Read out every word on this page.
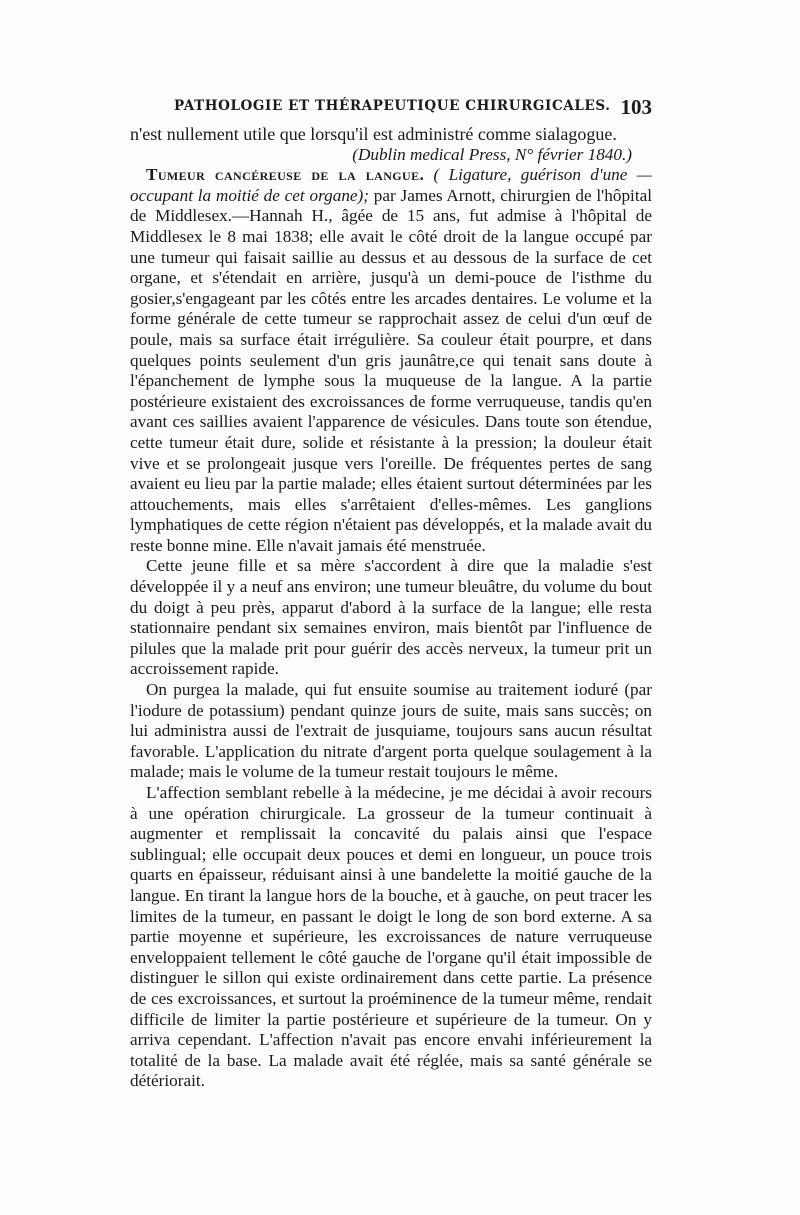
PATHOLOGIE ET THÉRAPEUTIQUE CHIRURGICALES. 103

n'est nullement utile que lorsqu'il est administré comme sialagogue.

(Dublin medical Press, N° février 1840.)

Tumeur cancéreuse de la langue. ( Ligature, guérison d'une —occupant la moitié de cet organe); par James Arnott, chirurgien de l'hôpital de Middlesex.—Hannah H., âgée de 15 ans, fut admise à l'hôpital de Middlesex le 8 mai 1838; elle avait le côté droit de la langue occupé par une tumeur qui faisait saillie au dessus et au dessous de la surface de cet organe, et s'étendait en arrière, jusqu'à un demi-pouce de l'isthme du gosier,s'engageant par les côtés entre les arcades dentaires. Le volume et la forme générale de cette tumeur se rapprochait assez de celui d'un œuf de poule, mais sa surface était irrégulière. Sa couleur était pourpre, et dans quelques points seulement d'un gris jaunâtre,ce qui tenait sans doute à l'épanchement de lymphe sous la muqueuse de la langue. A la partie postérieure existaient des excroissances de forme verruqueuse, tandis qu'en avant ces saillies avaient l'apparence de vésicules. Dans toute son étendue, cette tumeur était dure, solide et résistante à la pression; la douleur était vive et se prolongeait jusque vers l'oreille. De fréquentes pertes de sang avaient eu lieu par la partie malade; elles étaient surtout déterminées par les attouchements, mais elles s'arrêtaient d'elles-mêmes. Les ganglions lymphatiques de cette région n'étaient pas développés, et la malade avait du reste bonne mine. Elle n'avait jamais été menstruée.

Cette jeune fille et sa mère s'accordent à dire que la maladie s'est développée il y a neuf ans environ; une tumeur bleuâtre, du volume du bout du doigt à peu près, apparut d'abord à la surface de la langue; elle resta stationnaire pendant six semaines environ, mais bientôt par l'influence de pilules que la malade prit pour guérir des accès nerveux, la tumeur prit un accroissement rapide.

On purgea la malade, qui fut ensuite soumise au traitement ioduré (par l'iodure de potassium) pendant quinze jours de suite, mais sans succès; on lui administra aussi de l'extrait de jusquiame, toujours sans aucun résultat favorable. L'application du nitrate d'argent porta quelque soulagement à la malade; mais le volume de la tumeur restait toujours le même.

L'affection semblant rebelle à la médecine, je me décidai à avoir recours à une opération chirurgicale. La grosseur de la tumeur continuait à augmenter et remplissait la concavité du palais ainsi que l'espace sublingual; elle occupait deux pouces et demi en longueur, un pouce trois quarts en épaisseur, réduisant ainsi à une bandelette la moitié gauche de la langue. En tirant la langue hors de la bouche, et à gauche, on peut tracer les limites de la tumeur, en passant le doigt le long de son bord externe. A sa partie moyenne et supérieure, les excroissances de nature verruqueuse enveloppaient tellement le côté gauche de l'organe qu'il était impossible de distinguer le sillon qui existe ordinairement dans cette partie. La présence de ces excroissances, et surtout la proéminence de la tumeur même, rendait difficile de limiter la partie postérieure et supérieure de la tumeur. On y arriva cependant. L'affection n'avait pas encore envahi inférieurement la totalité de la base. La malade avait été réglée, mais sa santé générale se détériorait.
